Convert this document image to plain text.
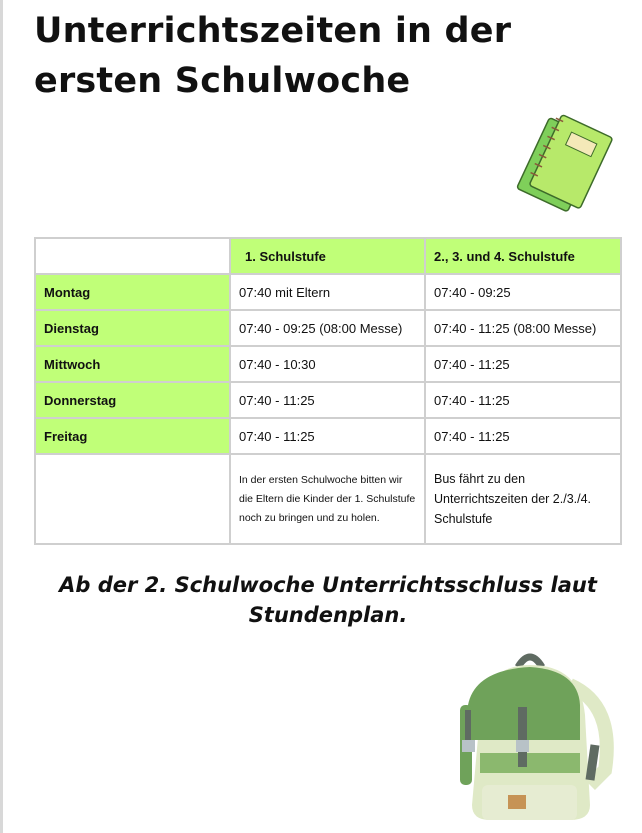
Unterrichtszeiten in der ersten Schulwoche
	1. Schulstufe	2., 3. und 4. Schulstufe
Montag	07:40 mit Eltern	07:40 - 09:25
Dienstag	07:40 - 09:25 (08:00 Messe)	07:40 - 11:25 (08:00 Messe)
Mittwoch	07:40 - 10:30	07:40 - 11:25
Donnerstag	07:40 - 11:25	07:40 - 11:25
Freitag	07:40 - 11:25	07:40 - 11:25
	In der ersten Schulwoche bitten wir die Eltern die Kinder der 1. Schulstufe noch zu bringen und zu holen.	Bus fährt zu den Unterrichtszeiten der 2./3./4. Schulstufe
Ab der 2. Schulwoche Unterrichtsschluss laut Stundenplan.
